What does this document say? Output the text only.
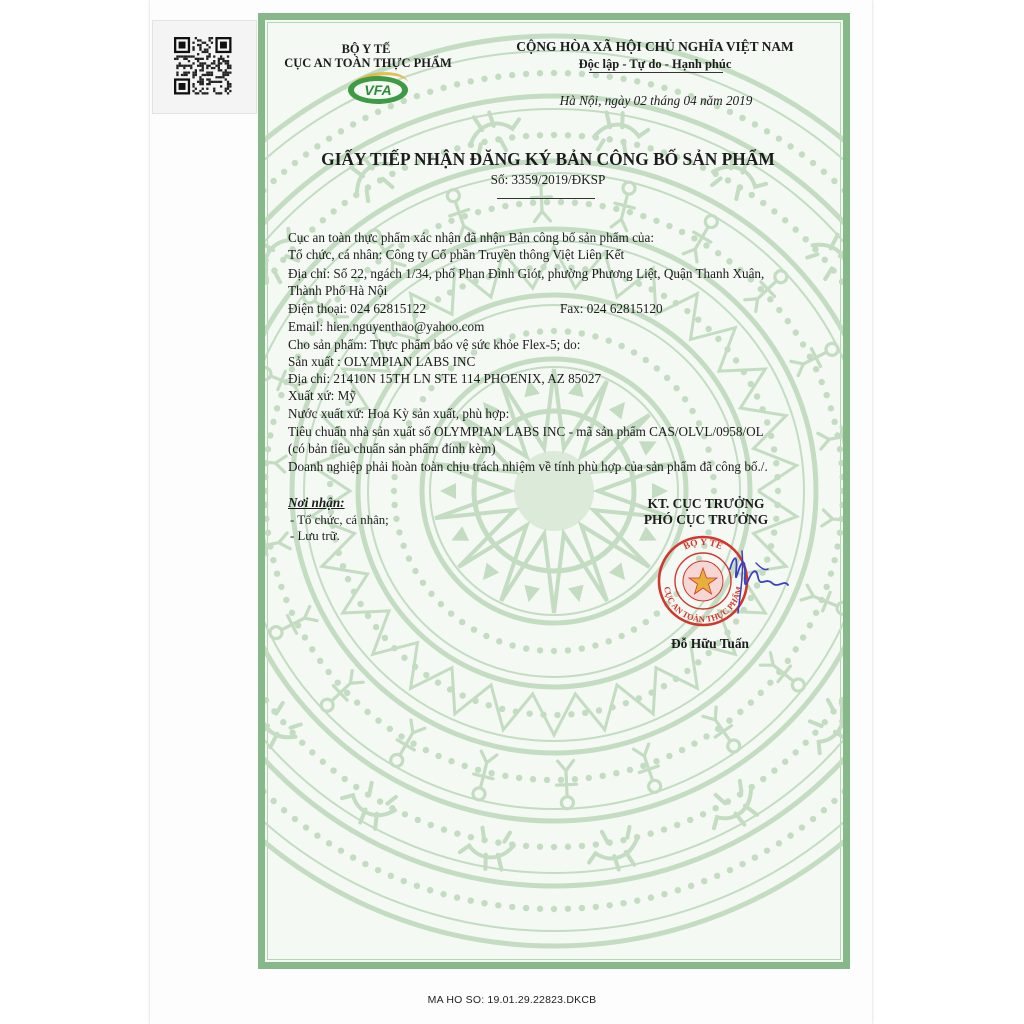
BỘ Y TẾ
CỤC AN TOÀN THỰC PHẨM
VFA
CỘNG HÒA XÃ HỘI CHỦ NGHĨA VIỆT NAM
Độc lập - Tự do - Hạnh phúc
Hà Nội, ngày 02 tháng 04 năm 2019
GIẤY TIẾP NHẬN ĐĂNG KÝ BẢN CÔNG BỐ SẢN PHẨM
Số: 3359/2019/ĐKSP
Cục an toàn thực phẩm xác nhận đã nhận Bản công bố sản phẩm của:
Tổ chức, cá nhân: Công ty Cổ phần Truyền thông Việt Liên Kết
Địa chỉ: Số 22, ngách 1/34, phố Phan Đình Giót, phường Phương Liệt, Quận Thanh Xuân,
Thành Phố Hà Nội
Điện thoại: 024 62815122	Fax: 024 62815120
Email: hien.nguyenthao@yahoo.com
Cho sản phẩm: Thực phẩm bảo vệ sức khỏe Flex-5; do:
Sản xuất : OLYMPIAN LABS INC
Địa chỉ: 21410N 15TH LN STE 114 PHOENIX, AZ 85027
Xuất xứ: Mỹ
Nước xuất xứ: Hoa Kỳ sản xuất, phù hợp:
Tiêu chuẩn nhà sản xuất số OLYMPIAN LABS INC - mã sản phẩm CAS/OLVL/0958/OL
(có bản tiêu chuẩn sản phẩm đính kèm)
Doanh nghiệp phải hoàn toàn chịu trách nhiệm về tính phù hợp của sản phẩm đã công bố./.
Nơi nhận:
- Tổ chức, cá nhân;
- Lưu trữ.
KT. CỤC TRƯỞNG
PHÓ CỤC TRƯỞNG
BỘ Y TẾ
CỤC AN TOÀN THỰC PHẨM
Đỗ Hữu Tuấn
MA HO SO: 19.01.29.22823.DKCB
